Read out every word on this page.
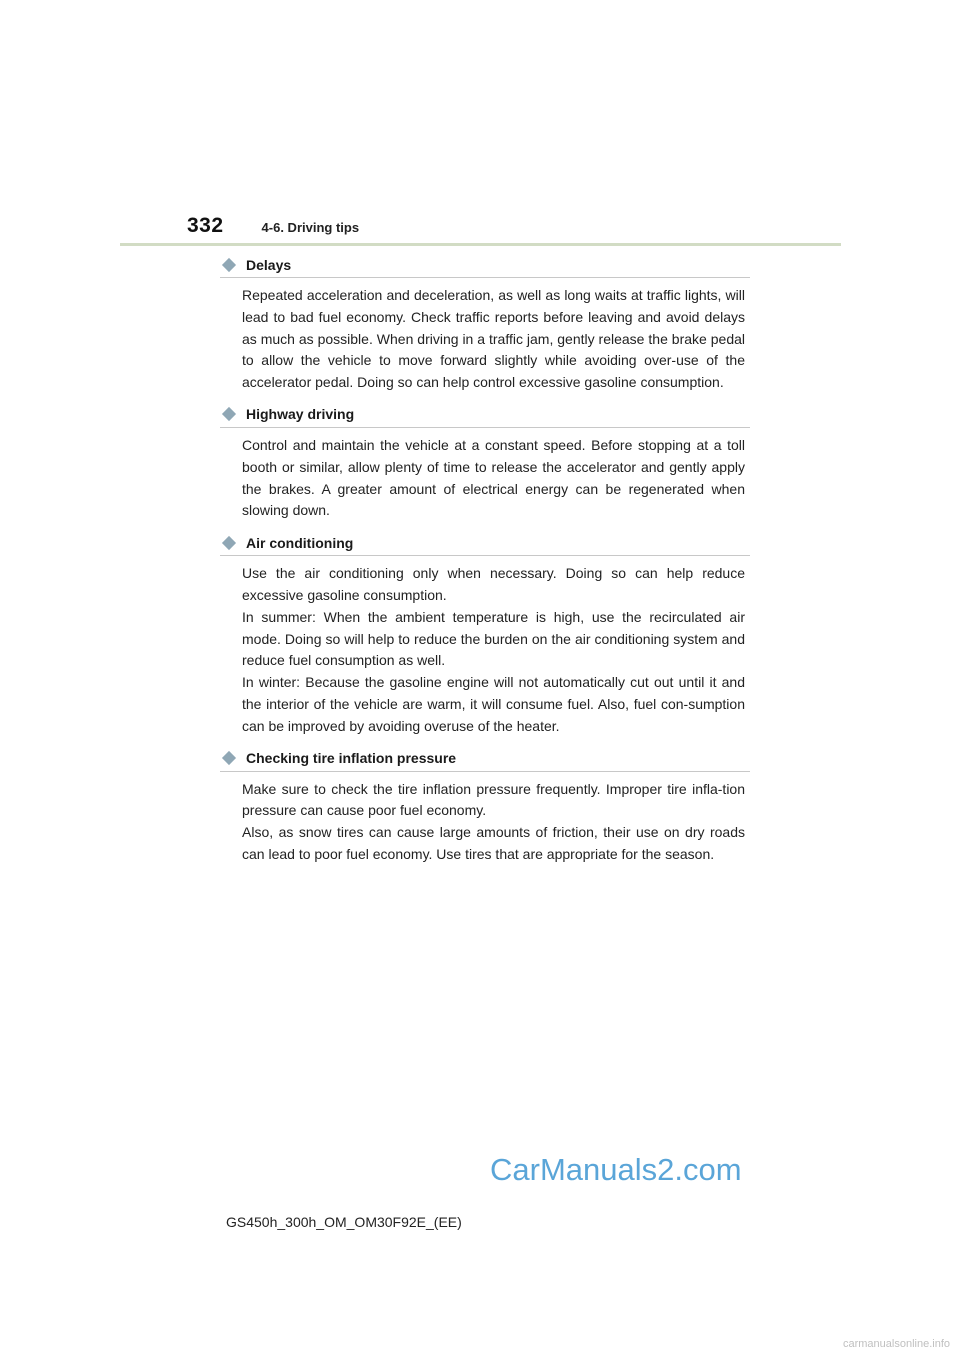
332	4-6. Driving tips
Delays

Repeated acceleration and deceleration, as well as long waits at traffic lights, will lead to bad fuel economy. Check traffic reports before leaving and avoid delays as much as possible. When driving in a traffic jam, gently release the brake pedal to allow the vehicle to move forward slightly while avoiding over-use of the accelerator pedal. Doing so can help control excessive gasoline consumption.

Highway driving

Control and maintain the vehicle at a constant speed. Before stopping at a toll booth or similar, allow plenty of time to release the accelerator and gently apply the brakes. A greater amount of electrical energy can be regenerated when slowing down.

Air conditioning

Use the air conditioning only when necessary. Doing so can help reduce excessive gasoline consumption.

In summer: When the ambient temperature is high, use the recirculated air mode. Doing so will help to reduce the burden on the air conditioning system and reduce fuel consumption as well.

In winter: Because the gasoline engine will not automatically cut out until it and the interior of the vehicle are warm, it will consume fuel. Also, fuel con-sumption can be improved by avoiding overuse of the heater.

Checking tire inflation pressure

Make sure to check the tire inflation pressure frequently. Improper tire infla-tion pressure can cause poor fuel economy.

Also, as snow tires can cause large amounts of friction, their use on dry roads can lead to poor fuel economy. Use tires that are appropriate for the season.

CarManuals2.com
GS450h_300h_OM_OM30F92E_(EE)
carmanualsonline.info
